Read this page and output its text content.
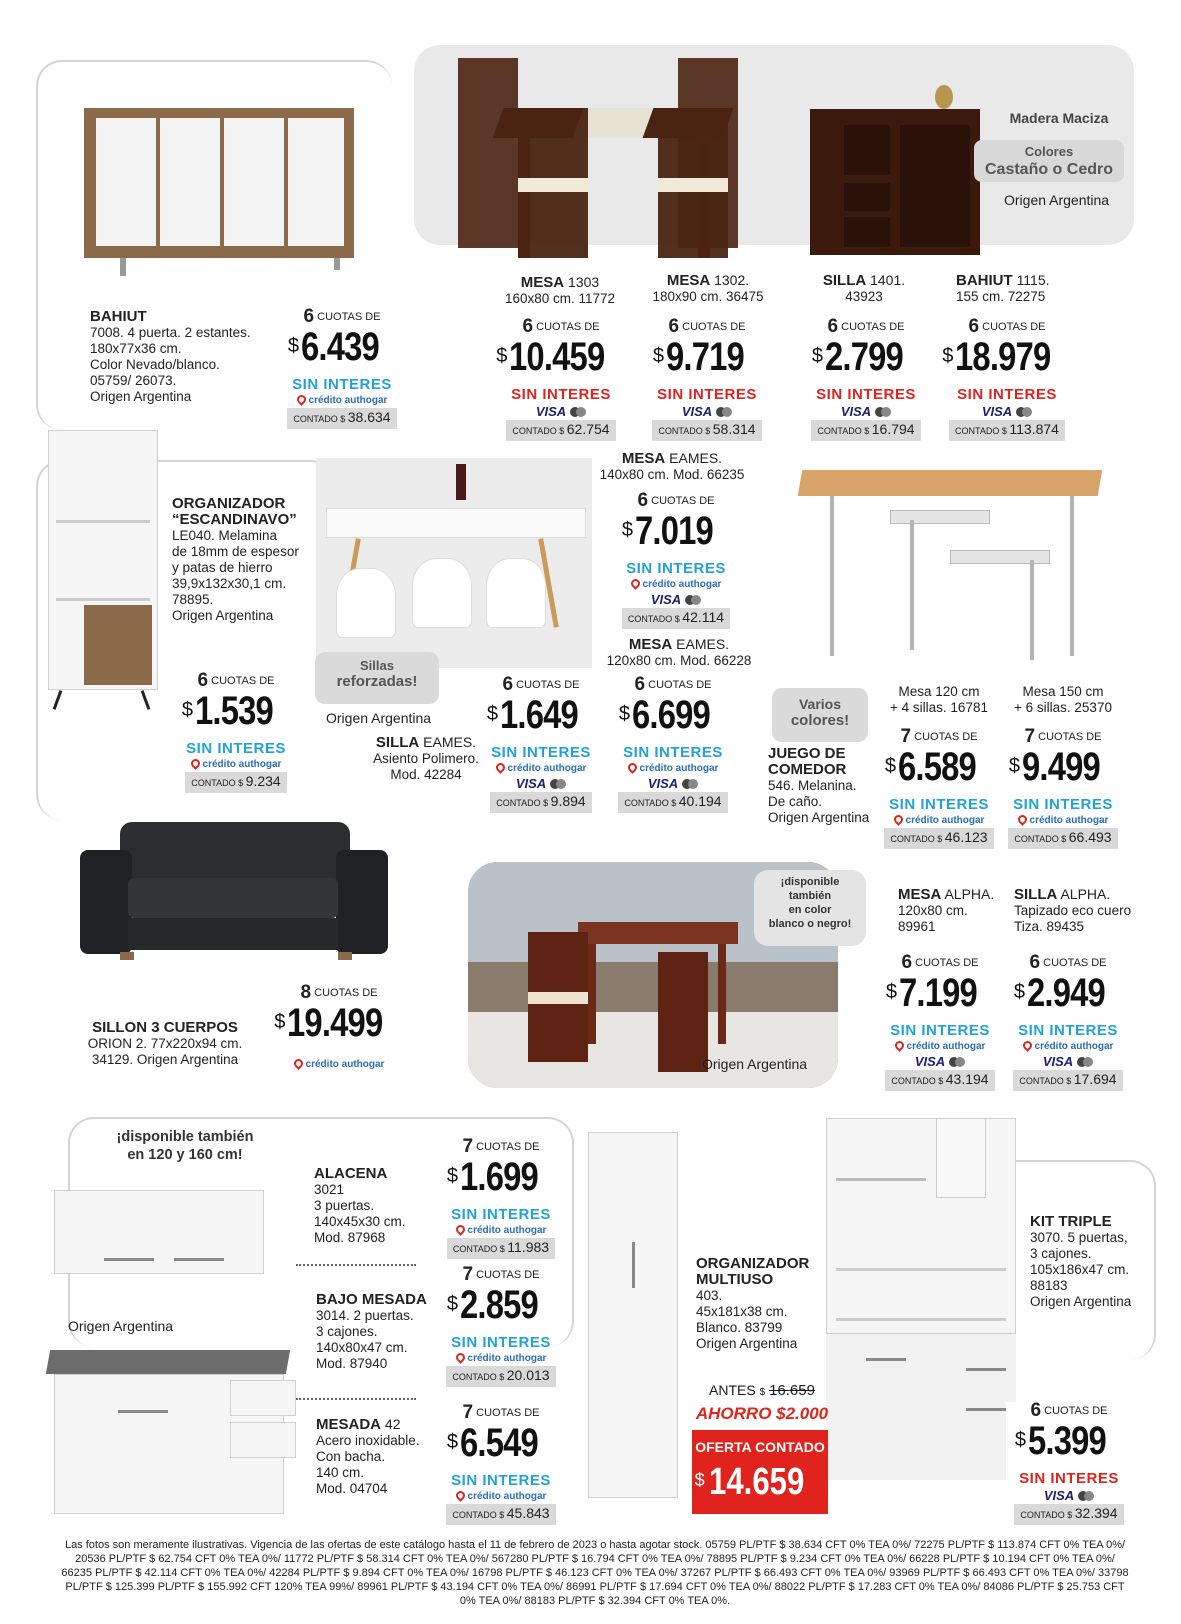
Madera Maciza
Colores
Castaño o Cedro
Origen Argentina
Sillas
reforzadas!
Origen Argentina
Varios
colores!
¡disponible
también
en color
blanco o negro!
Origen Argentina
¡disponible también
en 120 y 160 cm!
Origen Argentina
BAHIUT
7008. 4 puerta. 2 estantes.
180x77x36 cm.
Color Nevado/blanco.
05759/ 26073.
Origen Argentina
6 CUOTAS DE
$6.439
SIN INTERES
crédito authogar
CONTADO $ 38.634
MESA 1303
160x80 cm. 11772
6 CUOTAS DE
$10.459
SIN INTERES
VISA
CONTADO $ 62.754
MESA 1302.
180x90 cm. 36475
6 CUOTAS DE
$9.719
SIN INTERES
VISA
CONTADO $ 58.314
SILLA 1401.
43923
6 CUOTAS DE
$2.799
SIN INTERES
VISA
CONTADO $ 16.794
BAHIUT 1115.
155 cm. 72275
6 CUOTAS DE
$18.979
SIN INTERES
VISA
CONTADO $ 113.874
ORGANIZADOR
“ESCANDINAVO”
LE040. Melamina
de 18mm de espesor
y patas de hierro
39,9x132x30,1 cm.
78895.
Origen Argentina
6 CUOTAS DE
$1.539
SIN INTERES
crédito authogar
CONTADO $ 9.234
MESA EAMES.
140x80 cm. Mod. 66235
6 CUOTAS DE
$7.019
SIN INTERES
crédito authogar
VISA
CONTADO $ 42.114
MESA EAMES.
120x80 cm. Mod. 66228
6 CUOTAS DE
$6.699
SIN INTERES
crédito authogar
VISA
CONTADO $ 40.194
SILLA EAMES.
Asiento Polimero.
Mod. 42284
6 CUOTAS DE
$1.649
SIN INTERES
crédito authogar
VISA
CONTADO $ 9.894
JUEGO DE
COMEDOR
546. Melanina.
De caño.
Origen Argentina
Mesa 120 cm
+ 4 sillas. 16781
7 CUOTAS DE
$6.589
SIN INTERES
crédito authogar
CONTADO $ 46.123
Mesa 150 cm
+ 6 sillas. 25370
7 CUOTAS DE
$9.499
SIN INTERES
crédito authogar
CONTADO $ 66.493
SILLON 3 CUERPOS
ORION 2. 77x220x94 cm.
34129. Origen Argentina
8 CUOTAS DE
$19.499
crédito authogar
MESA ALPHA.
120x80 cm.
89961
6 CUOTAS DE
$7.199
SIN INTERES
crédito authogar
VISA
CONTADO $ 43.194
SILLA ALPHA.
Tapizado eco cuero
Tiza. 89435
6 CUOTAS DE
$2.949
SIN INTERES
crédito authogar
VISA
CONTADO $ 17.694
ALACENA
3021
3 puertas.
140x45x30 cm.
Mod. 87968
7 CUOTAS DE
$1.699
SIN INTERES
crédito authogar
CONTADO $ 11.983
BAJO MESADA
3014. 2 puertas.
3 cajones.
140x80x47 cm.
Mod. 87940
7 CUOTAS DE
$2.859
SIN INTERES
crédito authogar
CONTADO $ 20.013
MESADA 42
Acero inoxidable.
Con bacha.
140 cm.
Mod. 04704
7 CUOTAS DE
$6.549
SIN INTERES
crédito authogar
CONTADO $ 45.843
ORGANIZADOR
MULTIUSO
403.
45x181x38 cm.
Blanco. 83799
Origen Argentina
ANTES $ 16.659
AHORRO $2.000
OFERTA CONTADO
$ 14.659
KIT TRIPLE
3070. 5 puertas,
3 cajones.
105x186x47 cm.
88183
Origen Argentina
6 CUOTAS DE
$5.399
SIN INTERES
VISA
CONTADO $ 32.394
Las fotos son meramente ilustrativas. Vigencia de las ofertas de este catálogo hasta el 11 de febrero de 2023 o hasta agotar stock. 05759 PL/PTF $ 38.634 CFT 0% TEA 0%/ 72275 PL/PTF $ 113.874 CFT 0% TEA 0%/ 20536 PL/PTF $ 62.754 CFT 0% TEA 0%/ 11772 PL/PTF $ 58.314 CFT 0% TEA 0%/ 567280 PL/PTF $ 16.794 CFT 0% TEA 0%/ 78895 PL/PTF $ 9.234 CFT 0% TEA 0%/ 66228 PL/PTF $ 10.194 CFT 0% TEA 0%/ 66235 PL/PTF $ 42.114 CFT 0% TEA 0%/ 42284 PL/PTF $ 9.894 CFT 0% TEA 0%/ 16798 PL/PTF $ 46.123 CFT 0% TEA 0%/ 37267 PL/PTF $ 66.493 CFT 0% TEA 0%/ 93969 PL/PTF $ 66.493 CFT 0% TEA 0%/ 33798 PL/PTF $ 125.399 PL/PTF $ 155.992 CFT 120% TEA 99%/ 89961 PL/PTF $ 43.194 CFT 0% TEA 0%/ 86991 PL/PTF $ 17.694 CFT 0% TEA 0%/ 88022 PL/PTF $ 17.283 CFT 0% TEA 0%/ 84086 PL/PTF $ 25.753 CFT 0% TEA 0%/ 88183 PL/PTF $ 32.394 CFT 0% TEA 0%.
